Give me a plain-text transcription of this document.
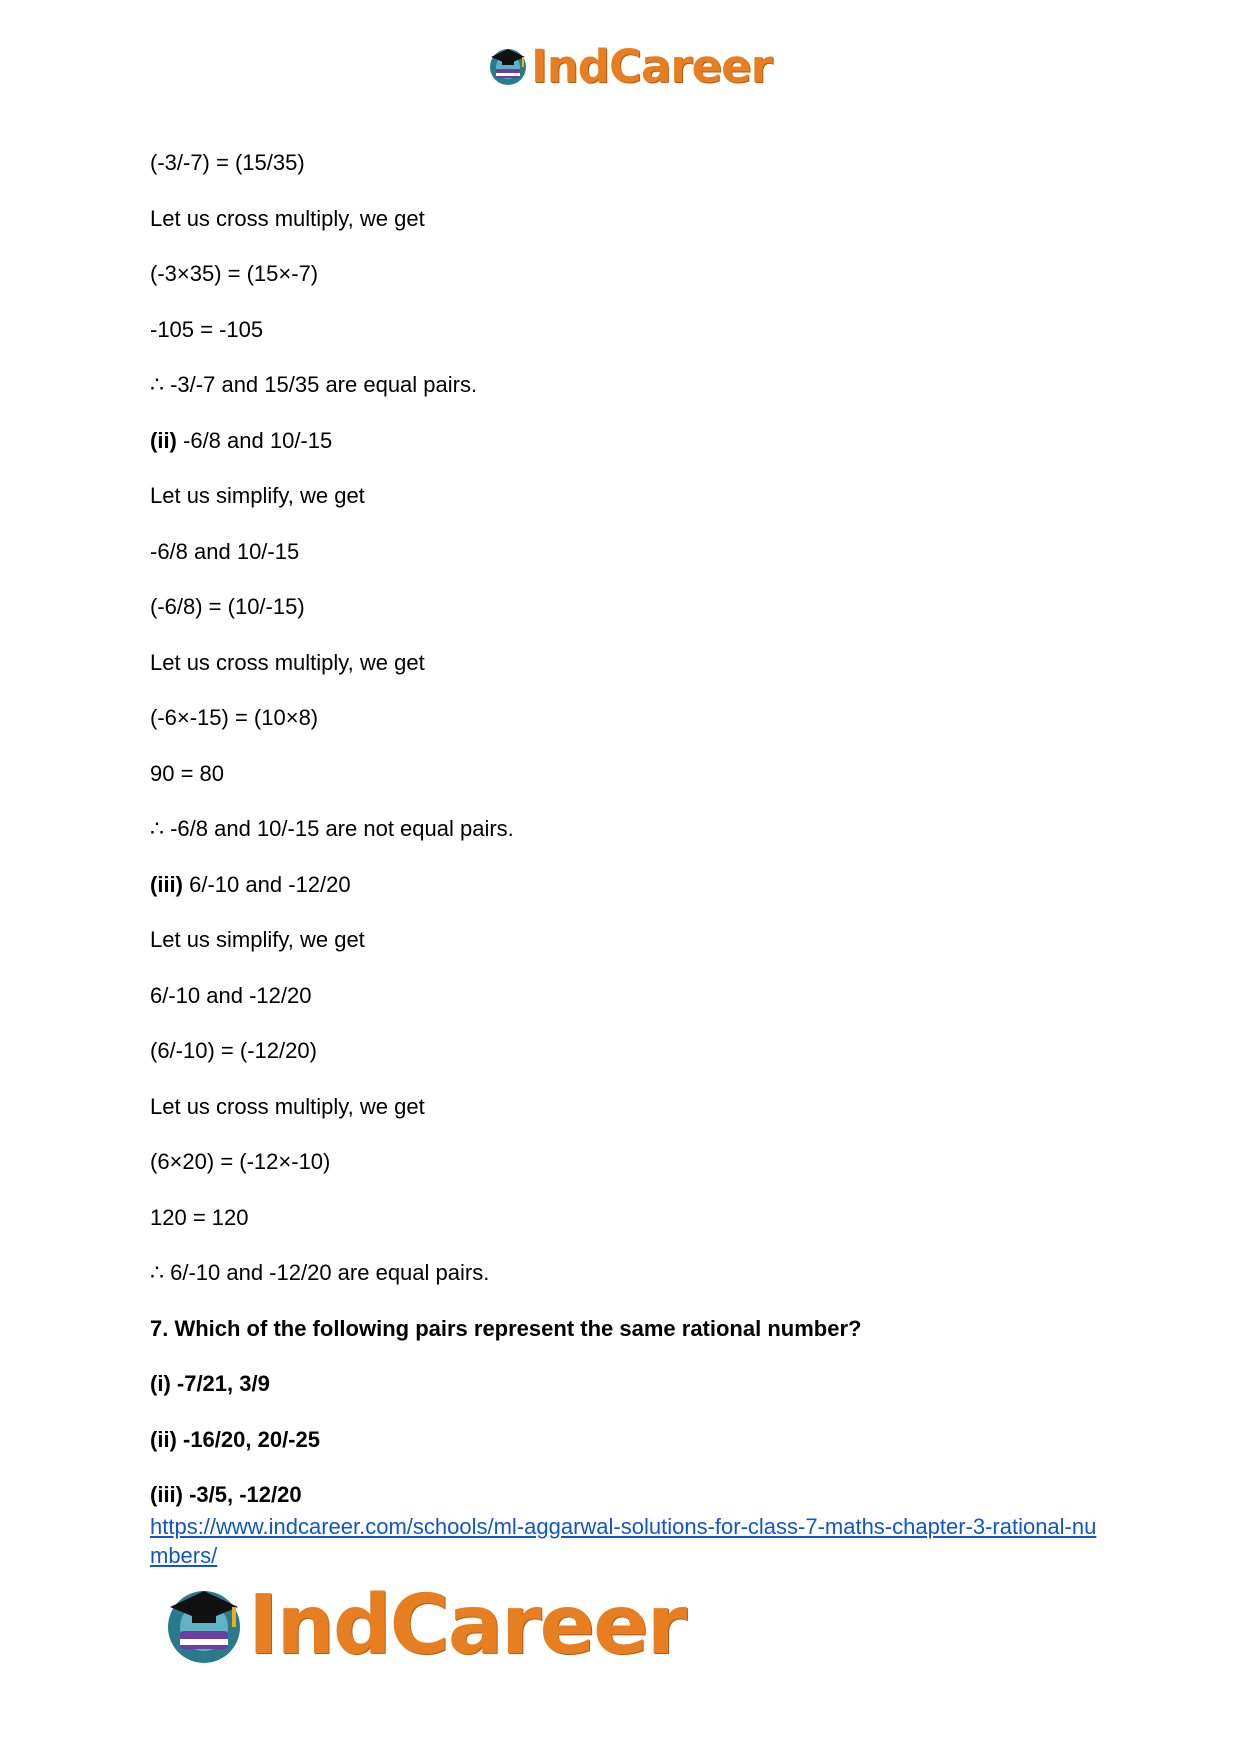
IndCareer
(-3/-7) = (15/35)
Let us cross multiply, we get
(-3×35) = (15×-7)
-105 = -105
∴ -3/-7 and 15/35 are equal pairs.
(ii) -6/8 and 10/-15
Let us simplify, we get
-6/8 and 10/-15
(-6/8) = (10/-15)
Let us cross multiply, we get
(-6×-15) = (10×8)
90 = 80
∴ -6/8 and 10/-15 are not equal pairs.
(iii) 6/-10 and -12/20
Let us simplify, we get
6/-10 and -12/20
(6/-10) = (-12/20)
Let us cross multiply, we get
(6×20) = (-12×-10)
120 = 120
∴ 6/-10 and -12/20 are equal pairs.
7. Which of the following pairs represent the same rational number?
(i) -7/21, 3/9
(ii) -16/20, 20/-25
(iii) -3/5, -12/20
https://www.indcareer.com/schools/ml-aggarwal-solutions-for-class-7-maths-chapter-3-rational-numbers/
IndCareer
